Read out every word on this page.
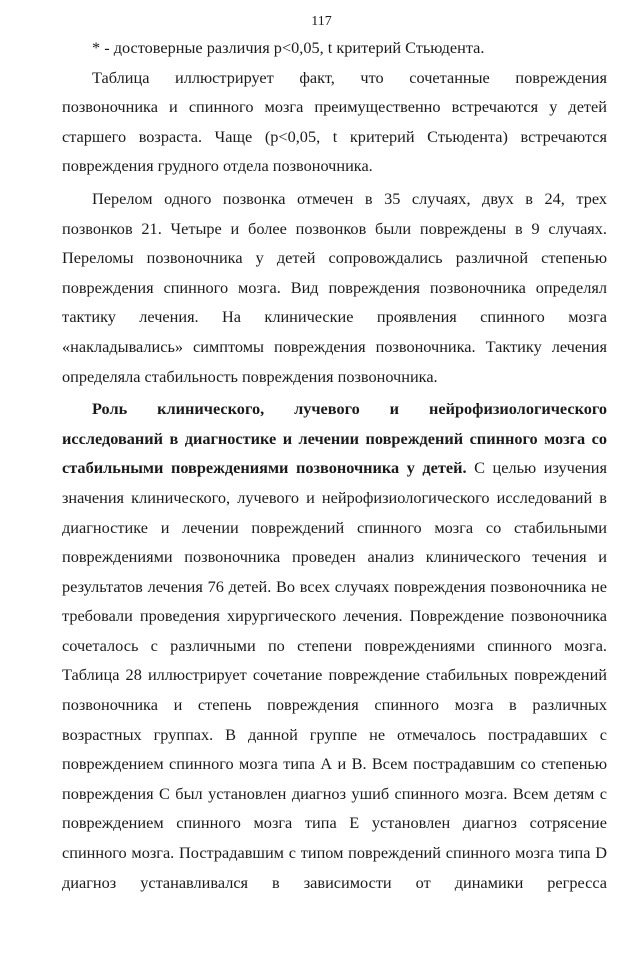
117
* - достоверные различия р<0,05, t критерий Стьюдента.
Таблица иллюстрирует факт, что сочетанные повреждения
позвоночника и спинного мозга преимущественно встречаются у детей
старшего возраста. Чаще (р<0,05, t критерий Стьюдента) встречаются
повреждения грудного отдела позвоночника.
Перелом одного позвонка отмечен в 35 случаях, двух в 24, трех
позвонков 21. Четыре и более позвонков были повреждены в 9 случаях.
Переломы позвоночника у детей сопровождались различной степенью
повреждения спинного мозга. Вид повреждения позвоночника определял
тактику лечения. На клинические проявления спинного мозга
«накладывались» симптомы повреждения позвоночника. Тактику лечения
определяла стабильность повреждения позвоночника.
Роль клинического, лучевого и нейрофизиологического
исследований в диагностике и лечении повреждений спинного мозга со
стабильными повреждениями позвоночника у детей. С целью изучения
значения клинического, лучевого и нейрофизиологического исследований в
диагностике и лечении повреждений спинного мозга со стабильными
повреждениями позвоночника проведен анализ клинического течения и
результатов лечения 76 детей. Во всех случаях повреждения позвоночника не
требовали проведения хирургического лечения. Повреждение позвоночника
сочеталось с различными по степени повреждениями спинного мозга.
Таблица 28 иллюстрирует сочетание повреждение стабильных повреждений
позвоночника и степень повреждения спинного мозга в различных
возрастных группах. В данной группе не отмечалось пострадавших с
повреждением спинного мозга типа А и В. Всем пострадавшим со степенью
повреждения С был установлен диагноз ушиб спинного мозга. Всем детям с
повреждением спинного мозга типа Е установлен диагноз сотрясение
спинного мозга. Пострадавшим с типом повреждений спинного мозга типа D
диагноз устанавливался в зависимости от динамики регресса
